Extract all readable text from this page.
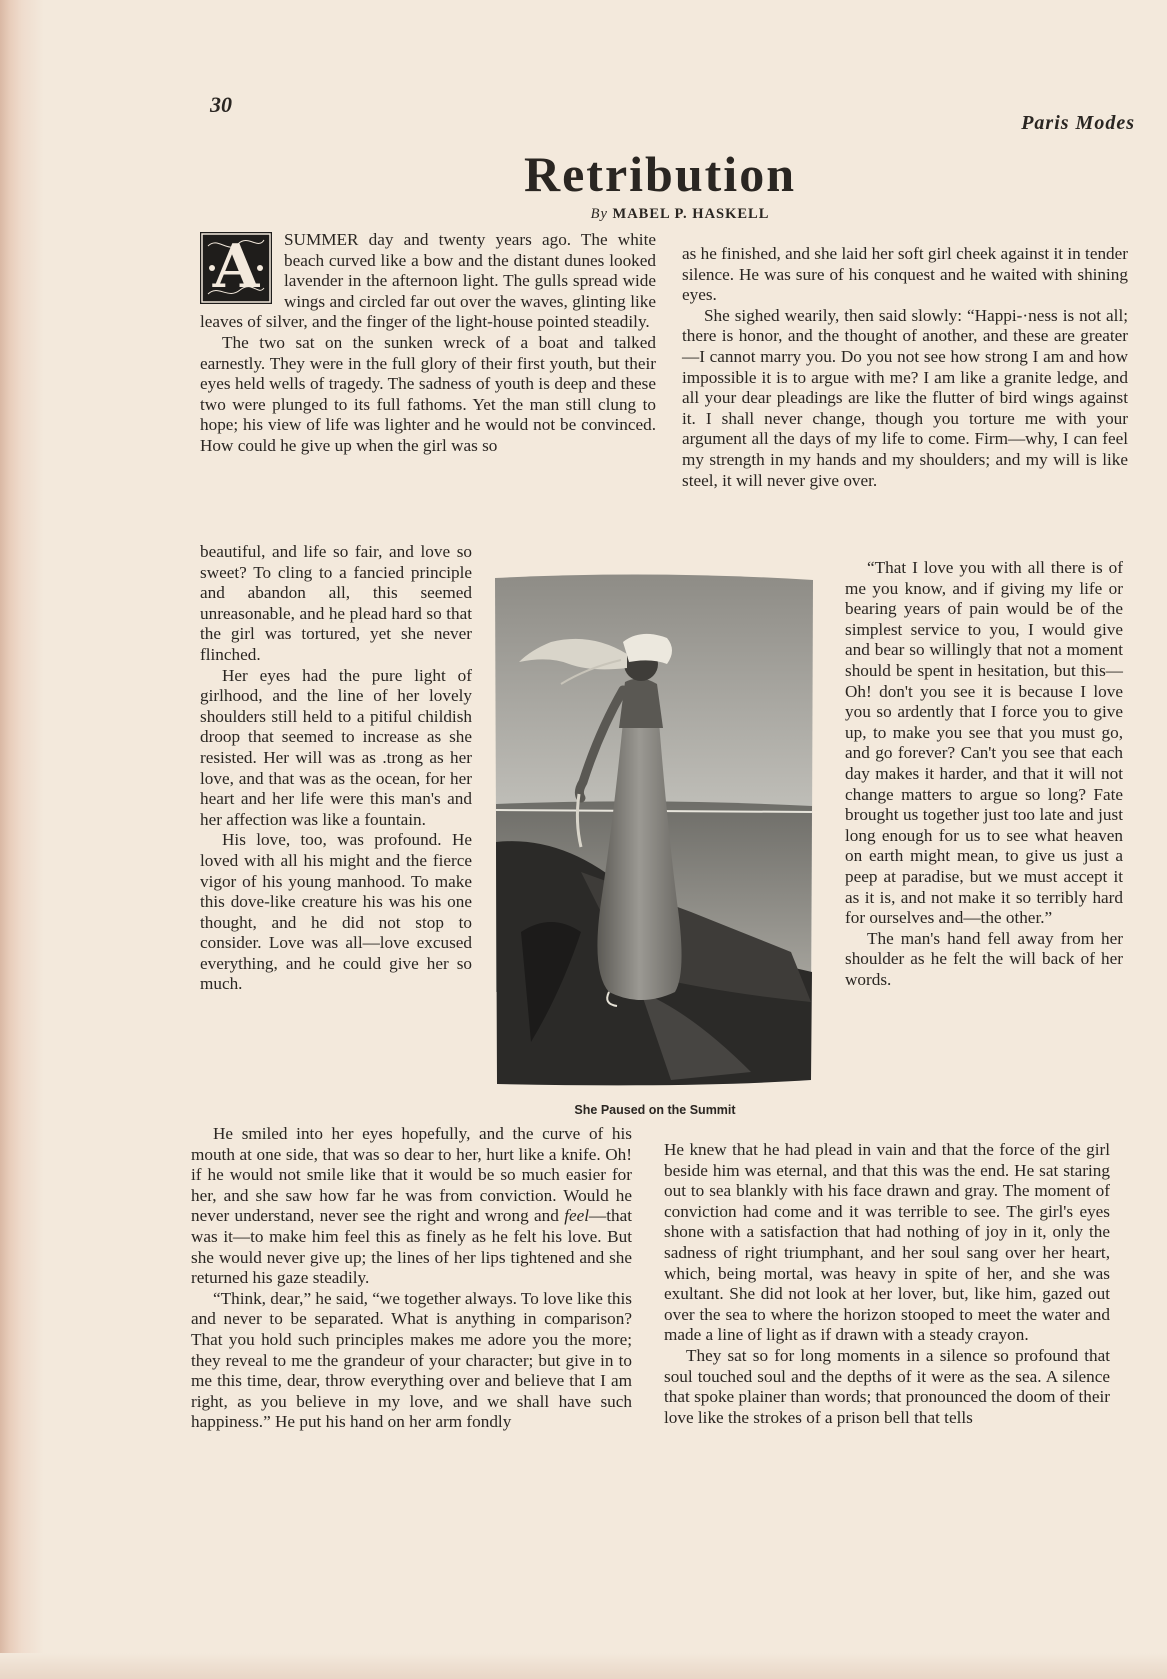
30
Paris Modes
Retribution
By MABEL P. HASKELL

A	SUMMER day and twenty years ago. The white beach curved like a bow and the distant dunes looked lavender in the afternoon light. The gulls spread wide wings and circled far out over the waves, glinting like leaves of silver, and the finger of the light-house pointed steadily.

The two sat on the sunken wreck of a boat and talked earnestly. They were in the full glory of their first youth, but their eyes held wells of tragedy. The sadness of youth is deep and these two were plunged to its full fathoms. Yet the man still clung to hope; his view of life was lighter and he would not be convinced. How could he give up when the girl was so

beautiful, and life so fair, and love so sweet? To cling to a fancied principle and abandon all, this seemed unreasonable, and he plead hard so that the girl was tortured, yet she never flinched.

Her eyes had the pure light of girlhood, and the line of her lovely shoulders still held to a pitiful childish droop that seemed to increase as she resisted. Her will was as .trong as her love, and that was as the ocean, for her heart and her life were this man's and her affection was like a fountain.

His love, too, was profound. He loved with all his might and the fierce vigor of his young manhood. To make this dove-like creature his was his one thought, and he did not stop to consider. Love was all—love excused everything, and he could give her so much.

He smiled into her eyes hopefully, and the curve of his mouth at one side, that was so dear to her, hurt like a knife. Oh! if he would not smile like that it would be so much easier for her, and she saw how far he was from conviction. Would he never understand, never see the right and wrong and feel—that was it—to make him feel this as finely as he felt his love. But she would never give up; the lines of her lips tightened and she returned his gaze steadily.

“Think, dear,” he said, “we together always. To love like this and never to be separated. What is anything in comparison? That you hold such principles makes me adore you the more; they reveal to me the grandeur of your character; but give in to me this time, dear, throw everything over and believe that I am right, as you believe in my love, and we shall have such happiness.” He put his hand on her arm fondly

as he finished, and she laid her soft girl cheek against it in tender silence. He was sure of his conquest and he waited with shining eyes.

She sighed wearily, then said slowly: “Happi-·ness is not all; there is honor, and the thought of another, and these are greater—I cannot marry you. Do you not see how strong I am and how impossible it is to argue with me? I am like a granite ledge, and all your dear pleadings are like the flutter of bird wings against it. I shall never change, though you torture me with your argument all the days of my life to come. Firm—why, I can feel my strength in my hands and my shoulders; and my will is like steel, it will never give over.

“That I love you with all there is of me you know, and if giving my life or bearing years of pain would be of the simplest service to you, I would give and bear so willingly that not a moment should be spent in hesitation, but this—Oh! don't you see it is because I love you so ardently that I force you to give up, to make you see that you must go, and go forever? Can't you see that each day makes it harder, and that it will not change matters to argue so long? Fate brought us together just too late and just long enough for us to see what heaven on earth might mean, to give us just a peep at paradise, but we must accept it as it is, and not make it so terribly hard for ourselves and—the other.”

The man's hand fell away from her shoulder as he felt the will back of her words.

He knew that he had plead in vain and that the force of the girl beside him was eternal, and that this was the end. He sat staring out to sea blankly with his face drawn and gray. The moment of conviction had come and it was terrible to see. The girl's eyes shone with a satisfaction that had nothing of joy in it, only the sadness of right triumphant, and her soul sang over her heart, which, being mortal, was heavy in spite of her, and she was exultant. She did not look at her lover, but, like him, gazed out over the sea to where the horizon stooped to meet the water and made a line of light as if drawn with a steady crayon.

They sat so for long moments in a silence so profound that soul touched soul and the depths of it were as the sea. A silence that spoke plainer than words; that pronounced the doom of their love like the strokes of a prison bell that tells

She Paused on the Summit
